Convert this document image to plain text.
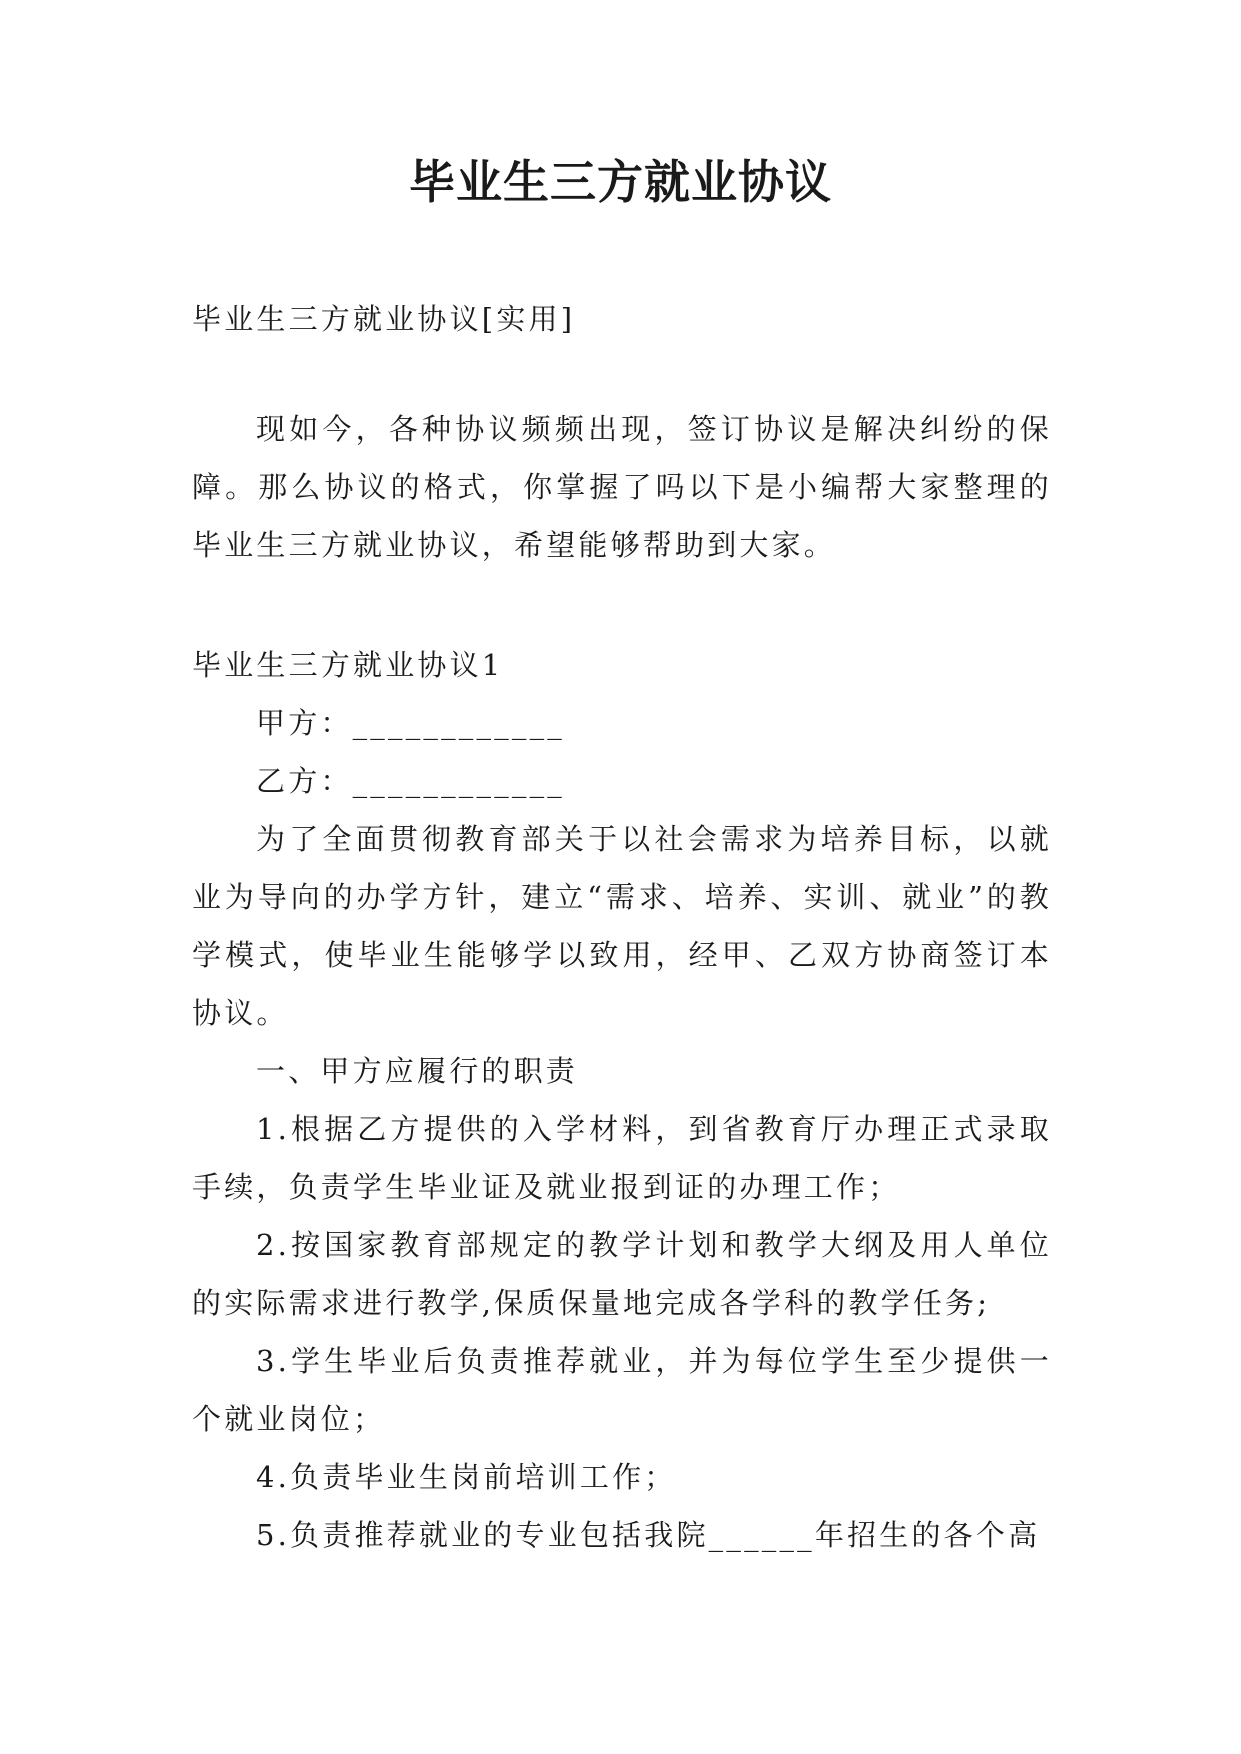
毕业生三方就业协议

毕业生三方就业协议[实用]

现如今，各种协议频频出现，签订协议是解决纠纷的保障。那么协议的格式，你掌握了吗以下是小编帮大家整理的毕业生三方就业协议，希望能够帮助到大家。

毕业生三方就业协议1

甲方：____________

乙方：____________

为了全面贯彻教育部关于以社会需求为培养目标，以就业为导向的办学方针，建立“需求、培养、实训、就业”的教学模式，使毕业生能够学以致用，经甲、乙双方协商签订本协议。

一、甲方应履行的职责

1.根据乙方提供的入学材料，到省教育厅办理正式录取手续，负责学生毕业证及就业报到证的办理工作；

2.按国家教育部规定的教学计划和教学大纲及用人单位的实际需求进行教学,保质保量地完成各学科的教学任务;

3.学生毕业后负责推荐就业，并为每位学生至少提供一个就业岗位；

4.负责毕业生岗前培训工作；

5.负责推荐就业的专业包括我院______年招生的各个高
